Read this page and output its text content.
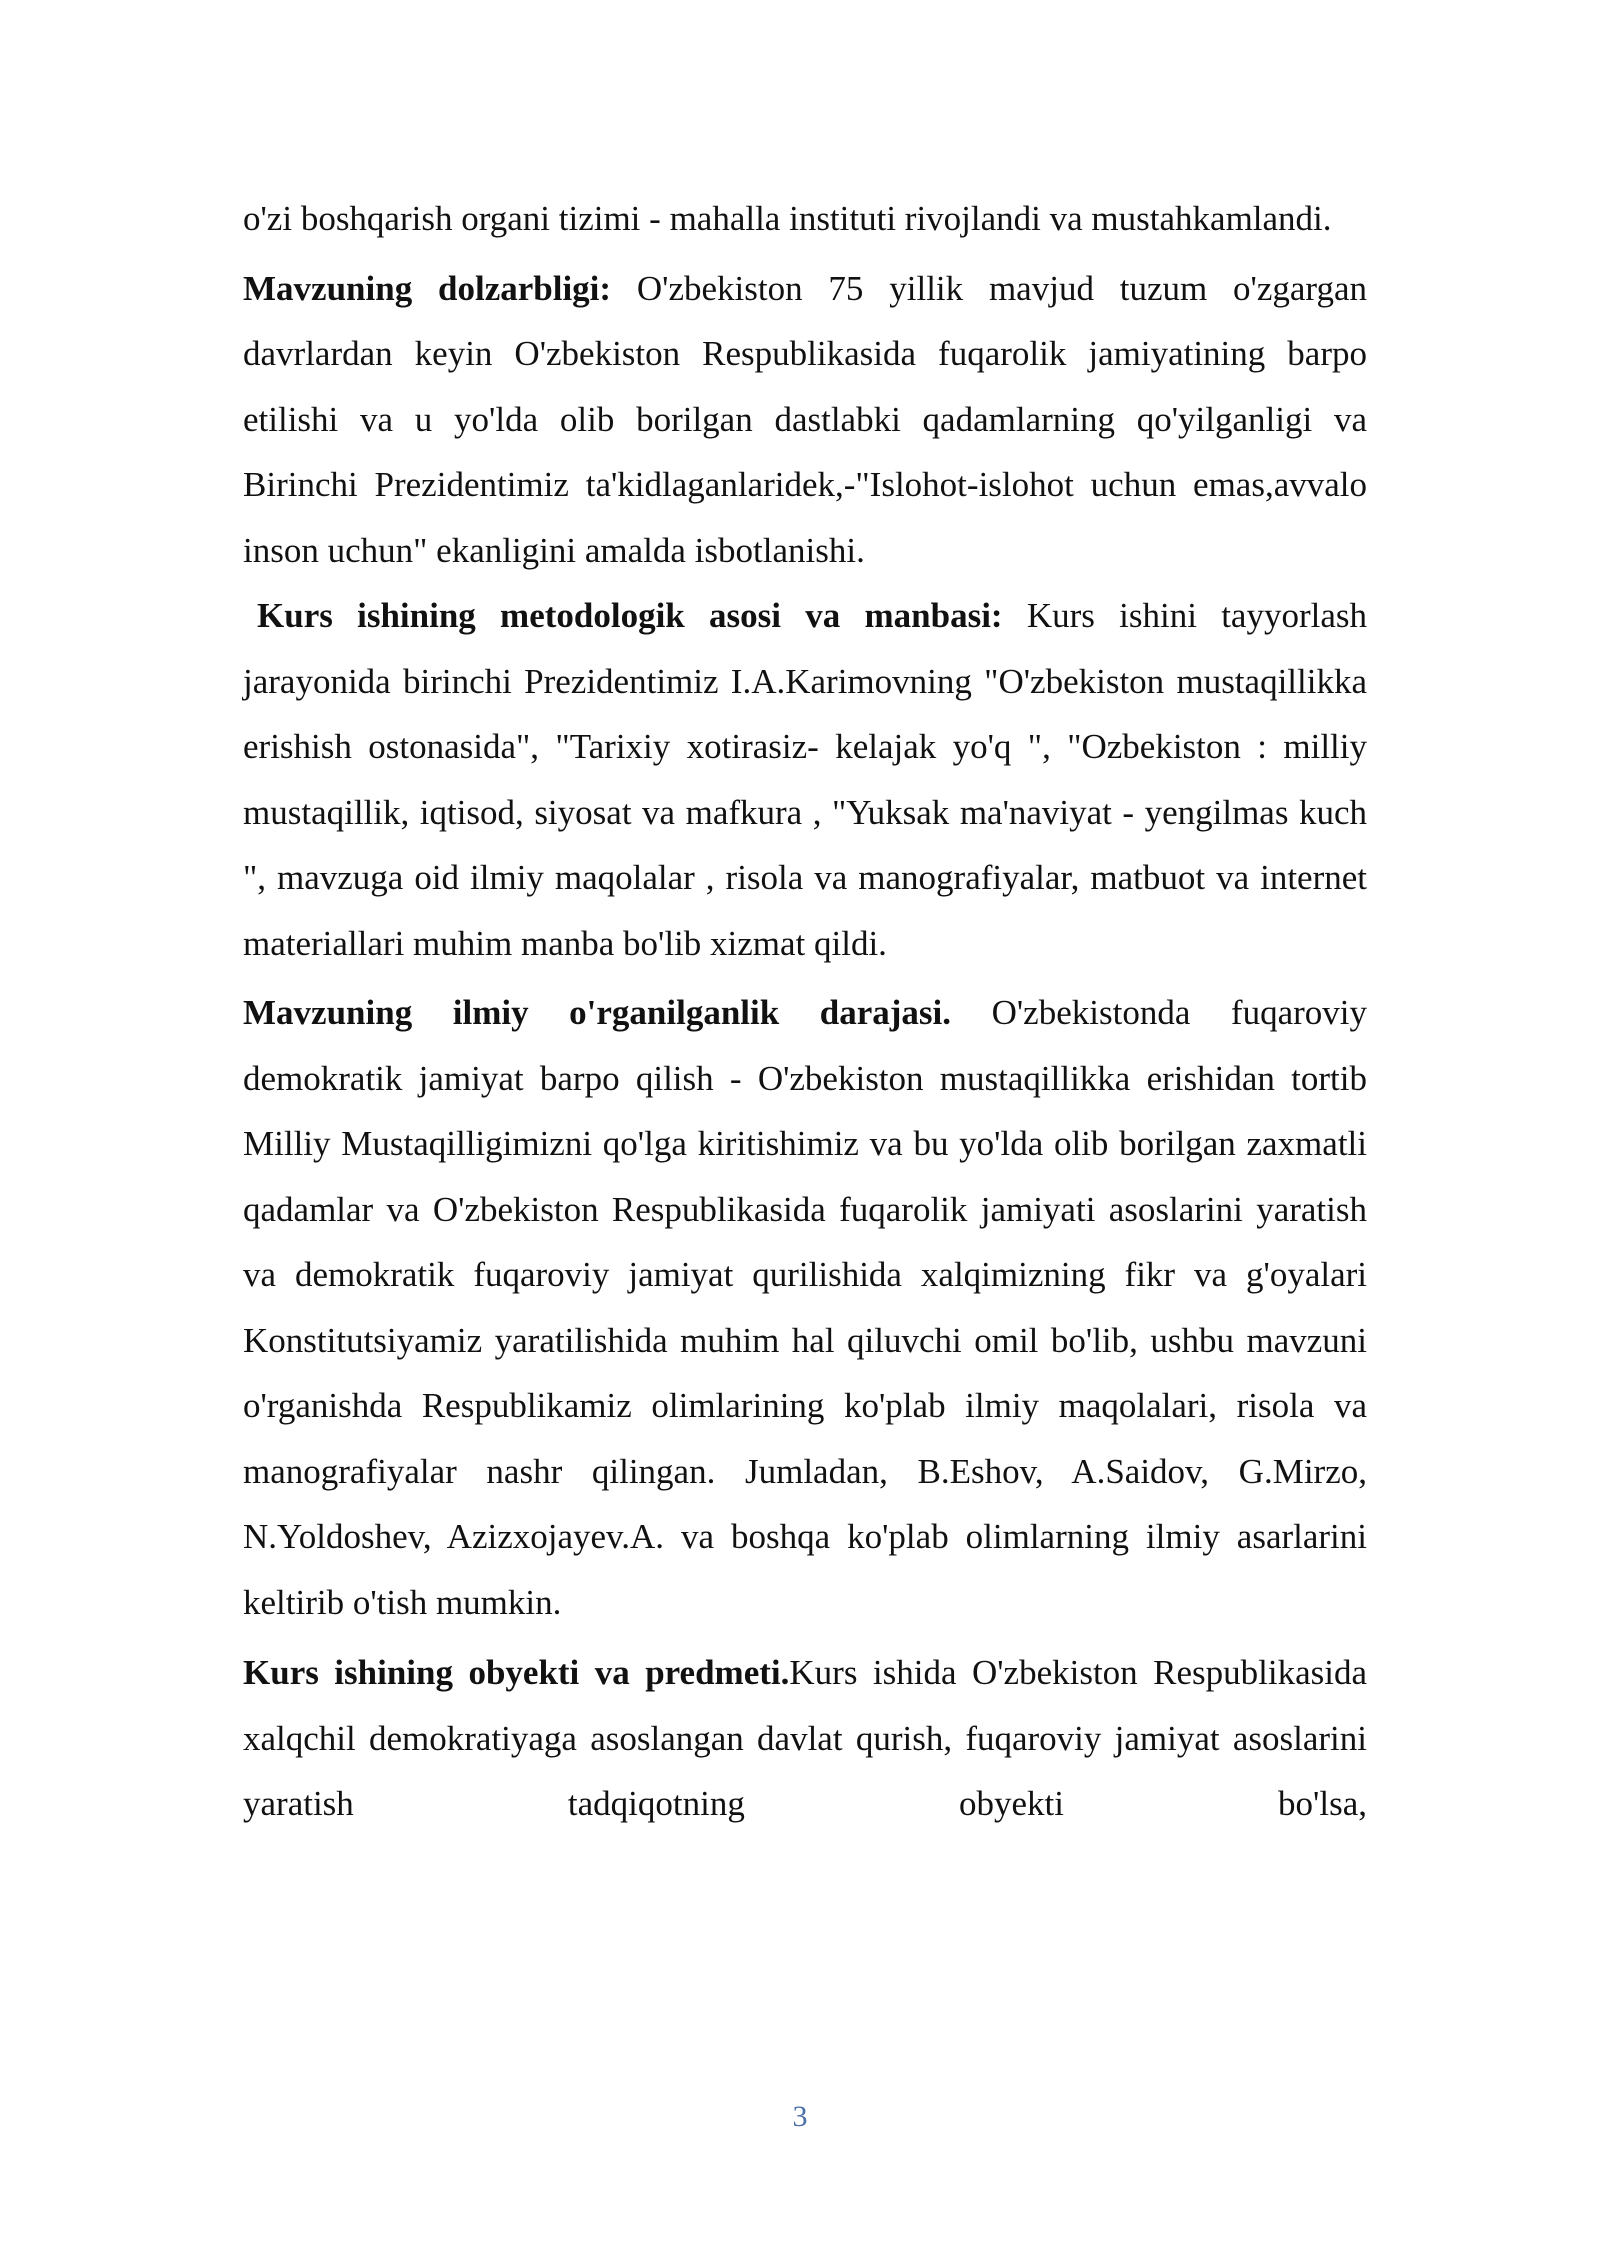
o'zi boshqarish organi tizimi - mahalla instituti rivojlandi va mustahkamlandi.

Mavzuning dolzarbligi: O'zbekiston 75 yillik mavjud tuzum o'zgargan davrlardan keyin O'zbekiston Respublikasida fuqarolik jamiyatining barpo etilishi va u yo'lda olib borilgan dastlabki qadamlarning qo'yilganligi va Birinchi Prezidentimiz ta'kidlaganlaridek,-"Islohot-islohot uchun emas,avvalo inson uchun" ekanligini amalda isbotlanishi.

Kurs ishining metodologik asosi va manbasi: Kurs ishini tayyorlash jarayonida birinchi Prezidentimiz I.A.Karimovning "O'zbekiston mustaqillikka erishish ostonasida", "Tarixiy xotirasiz- kelajak yo'q ", "Ozbekiston : milliy mustaqillik, iqtisod, siyosat va mafkura , "Yuksak ma'naviyat - yengilmas kuch ", mavzuga oid ilmiy maqolalar , risola va manografiyalar, matbuot va internet materiallari muhim manba bo'lib xizmat qildi.

Mavzuning ilmiy o'rganilganlik darajasi. O'zbekistonda fuqaroviy demokratik jamiyat barpo qilish - O'zbekiston mustaqillikka erishidan tortib Milliy Mustaqilligimizni qo'lga kiritishimiz va bu yo'lda olib borilgan zaxmatli qadamlar va O'zbekiston Respublikasida fuqarolik jamiyati asoslarini yaratish va demokratik fuqaroviy jamiyat qurilishida xalqimizning fikr va g'oyalari Konstitutsiyamiz yaratilishida muhim hal qiluvchi omil bo'lib, ushbu mavzuni o'rganishda Respublikamiz olimlarining ko'plab ilmiy maqolalari, risola va manografiyalar nashr qilingan. Jumladan, B.Eshov, A.Saidov, G.Mirzo, N.Yoldoshev, Azizxojayev.A. va boshqa ko'plab olimlarning ilmiy asarlarini keltirib o'tish mumkin.

Kurs ishining obyekti va predmeti.Kurs ishida O'zbekiston Respublikasida xalqchil demokratiyaga asoslangan davlat qurish, fuqaroviy jamiyat asoslarini yaratish tadqiqotning obyekti bo'lsa,

3
